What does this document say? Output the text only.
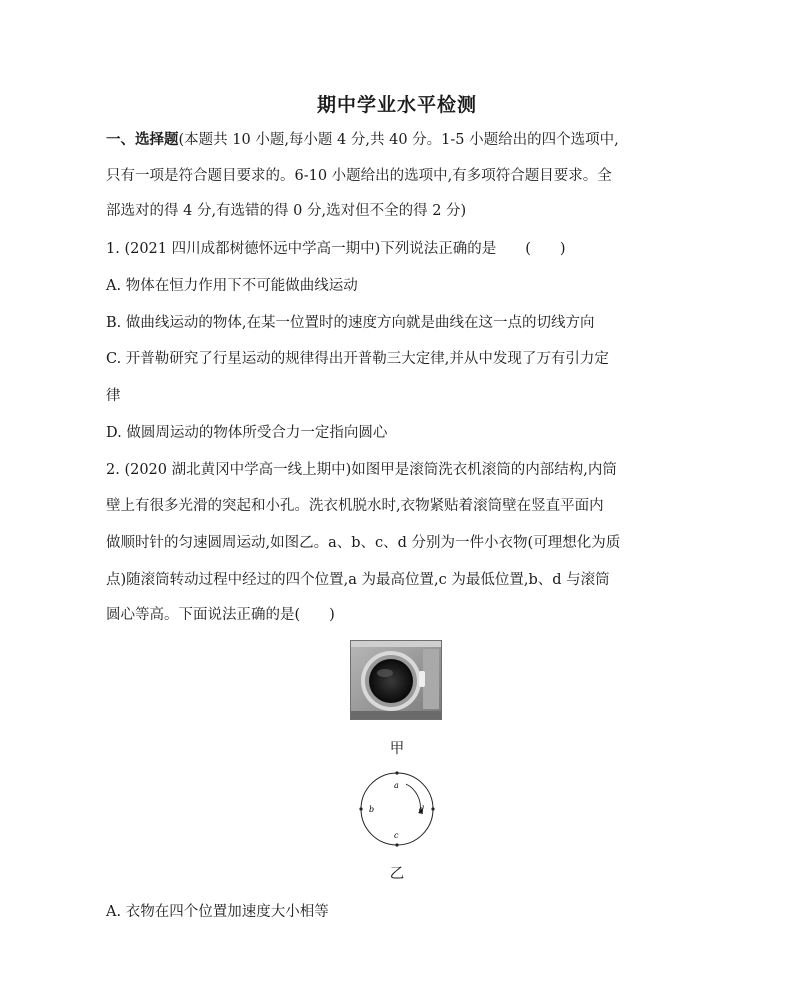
期中学业水平检测
一、选择题(本题共 10 小题,每小题 4 分,共 40 分。1-5 小题给出的四个选项中,
只有一项是符合题目要求的。6-10 小题给出的选项中,有多项符合题目要求。全
部选对的得 4 分,有选错的得 0 分,选对但不全的得 2 分)
1. (2021 四川成都树德怀远中学高一期中)下列说法正确的是　　(　　)
A. 物体在恒力作用下不可能做曲线运动
B. 做曲线运动的物体,在某一位置时的速度方向就是曲线在这一点的切线方向
C. 开普勒研究了行星运动的规律得出开普勒三大定律,并从中发现了万有引力定
律
D. 做圆周运动的物体所受合力一定指向圆心
2. (2020 湖北黄冈中学高一线上期中)如图甲是滚筒洗衣机滚筒的内部结构,内筒
壁上有很多光滑的突起和小孔。洗衣机脱水时,衣物紧贴着滚筒壁在竖直平面内
做顺时针的匀速圆周运动,如图乙。a、b、c、d 分别为一件小衣物(可理想化为质
点)随滚筒转动过程中经过的四个位置,a 为最高位置,c 为最低位置,b、d 与滚筒
圆心等高。下面说法正确的是(　　)
甲
a
b
c
d
乙
A. 衣物在四个位置加速度大小相等
